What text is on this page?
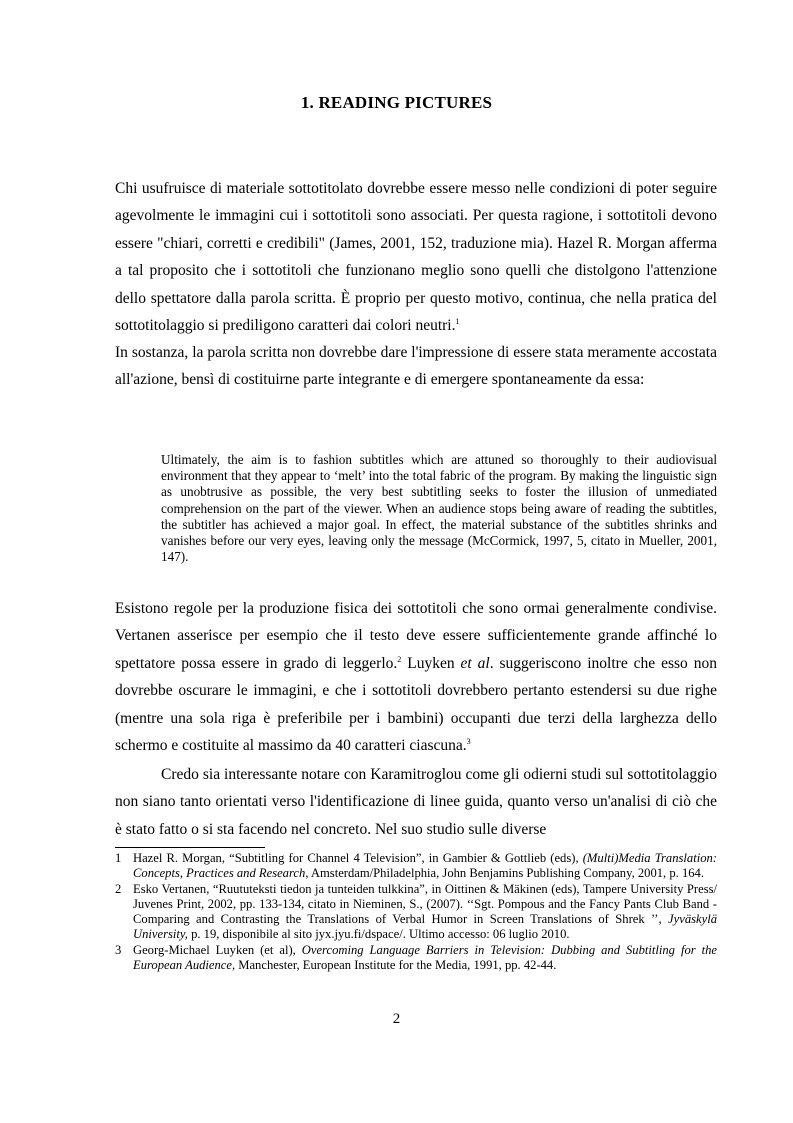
1. READING PICTURES
Chi usufruisce di materiale sottotitolato dovrebbe essere messo nelle condizioni di poter seguire agevolmente le immagini cui i sottotitoli sono associati. Per questa ragione, i sottotitoli devono essere "chiari, corretti e credibili" (James, 2001, 152, traduzione mia). Hazel R. Morgan afferma a tal proposito che i sottotitoli che funzionano meglio sono quelli che distolgono l'attenzione dello spettatore dalla parola scritta. È proprio per questo motivo, continua, che nella pratica del sottotitolaggio si prediligono caratteri dai colori neutri.$^1$
In sostanza, la parola scritta non dovrebbe dare l'impressione di essere stata meramente accostata all'azione, bensì di costituirne parte integrante e di emergere spontaneamente da essa:
Ultimately, the aim is to fashion subtitles which are attuned so thoroughly to their audiovisual environment that they appear to ‘melt’ into the total fabric of the program. By making the linguistic sign as unobtrusive as possible, the very best subtitling seeks to foster the illusion of unmediated comprehension on the part of the viewer. When an audience stops being aware of reading the subtitles, the subtitler has achieved a major goal. In effect, the material substance of the subtitles shrinks and vanishes before our very eyes, leaving only the message (McCormick, 1997, 5, citato in Mueller, 2001, 147).
Esistono regole per la produzione fisica dei sottotitoli che sono ormai generalmente condivise. Vertanen asserisce per esempio che il testo deve essere sufficientemente grande affinché lo spettatore possa essere in grado di leggerlo.$^2$ Luyken et al. suggeriscono inoltre che esso non dovrebbe oscurare le immagini, e che i sottotitoli dovrebbero pertanto estendersi su due righe (mentre una sola riga è preferibile per i bambini) occupanti due terzi della larghezza dello schermo e costituite al massimo da 40 caratteri ciascuna.$^3$
Credo sia interessante notare con Karamitroglou come gli odierni studi sul sottotitolaggio non siano tanto orientati verso l'identificazione di linee guida, quanto verso un'analisi di ciò che è stato fatto o si sta facendo nel concreto. Nel suo studio sulle diverse
1 Hazel R. Morgan, “Subtitling for Channel 4 Television”, in Gambier & Gottlieb (eds), (Multi)Media Translation: Concepts, Practices and Research, Amsterdam/Philadelphia, John Benjamins Publishing Company, 2001, p. 164.
2 Esko Vertanen, “Ruututeksti tiedon ja tunteiden tulkkina”, in Oittinen & Mäkinen (eds), Tampere University Press/ Juvenes Print, 2002, pp. 133-134, citato in Nieminen, S., (2007). ‘‘Sgt. Pompous and the Fancy Pants Club Band - Comparing and Contrasting the Translations of Verbal Humor in Screen Translations of Shrek ’’, Jyväskylä University, p. 19, disponibile al sito jyx.jyu.fi/dspace/. Ultimo accesso: 06 luglio 2010.
3 Georg-Michael Luyken (et al), Overcoming Language Barriers in Television: Dubbing and Subtitling for the European Audience, Manchester, European Institute for the Media, 1991, pp. 42-44.
2
